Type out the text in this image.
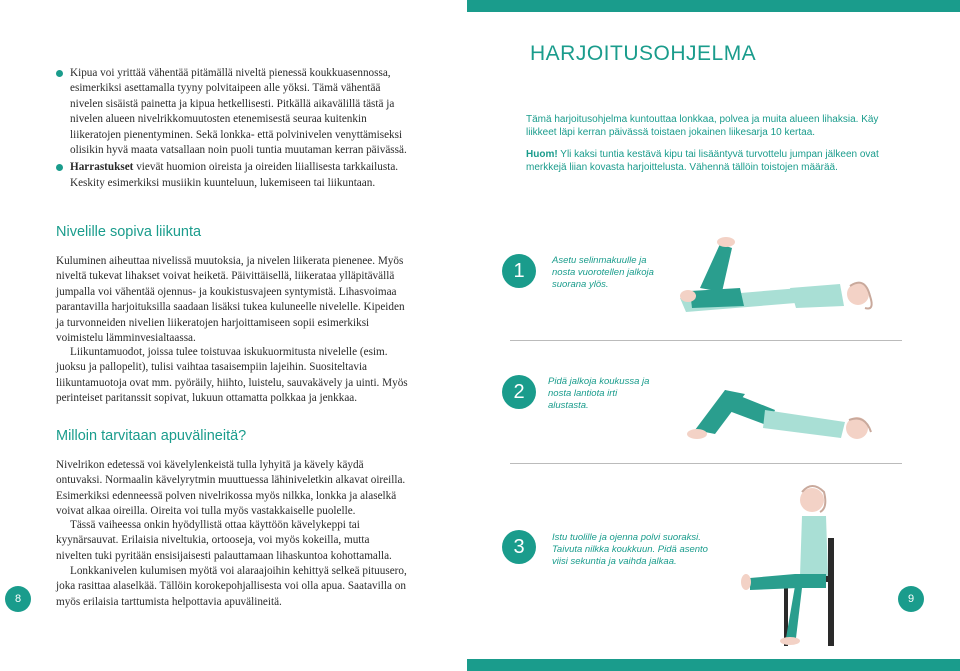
Kipua voi yrittää vähentää pitämällä niveltä pienessä koukkuasennossa, esimerkiksi asettamalla tyyny polvitaipeen alle yöksi. Tämä vähentää nivelen sisäistä painetta ja kipua hetkellisesti. Pitkällä aikavälillä tästä ja nivelen alueen nivelrikkomuutosten etenemisestä seuraa kuitenkin liikeratojen pienentyminen. Sekä lonkka- että polvinivelen venyttämiseksi olisikin hyvä maata vatsallaan noin puoli tuntia muutaman kerran päivässä.
Harrastukset vievät huomion oireista ja oireiden liiallisesta tarkkailusta. Keskity esimerkiksi musiikin kuunteluun, lukemiseen tai liikuntaan.
Nivelille sopiva liikunta

Kuluminen aiheuttaa nivelissä muutoksia, ja nivelen liikerata pienenee. Myös niveltä tukevat lihakset voivat heiketä. Päivittäisellä, liikerataa ylläpitävällä jumpalla voi vähentää ojennus- ja koukistusvajeen syntymistä. Lihasvoimaa parantavilla harjoituksilla saadaan lisäksi tukea kuluneelle nivelelle. Kipeiden ja turvonneiden nivelien liikeratojen harjoittamiseen sopii esimerkiksi voimistelu lämminvesialtaassa.

Liikuntamuodot, joissa tulee toistuvaa iskukuormitusta nivelelle (esim. juoksu ja pallopelit), tulisi vaihtaa tasaisempiin lajeihin. Suositeltavia liikuntamuotoja ovat mm. pyöräily, hiihto, luistelu, sauvakävely ja uinti. Myös perinteiset paritanssit sopivat, lukuun ottamatta polkkaa ja jenkkaa.

Milloin tarvitaan apuvälineitä?

Nivelrikon edetessä voi kävelylenkeistä tulla lyhyitä ja kävely käydä ontuvaksi. Normaalin kävelyrytmin muuttuessa lähiniveletkin alkavat oireilla. Esimerkiksi edenneessä polven nivelrikossa myös nilkka, lonkka ja alaselkä voivat alkaa oireilla. Oireita voi tulla myös vastakkaiselle puolelle.

Tässä vaiheessa onkin hyödyllistä ottaa käyttöön kävelykeppi tai kyynärsauvat. Erilaisia niveltukia, ortooseja, voi myös kokeilla, mutta nivelten tuki pyritään ensisijaisesti palauttamaan lihaskuntoa kohottamalla.

Lonkkanivelen kulumisen myötä voi alaraajoihin kehittyä selkeä pituusero, joka rasittaa alaselkää. Tällöin korokepohjallisesta voi olla apua. Saatavilla on myös erilaisia tarttumista helpottavia apuvälineitä.

8
HARJOITUSOHJELMA

Tämä harjoitusohjelma kuntouttaa lonkkaa, polvea ja muita alueen lihaksia. Käy liikkeet läpi kerran päivässä toistaen jokainen liikesarja 10 kertaa.

Huom! Yli kaksi tuntia kestävä kipu tai lisääntyvä turvottelu jumpan jälkeen ovat merkkejä liian kovasta harjoittelusta. Vähennä tällöin toistojen määrää.

1	Asetu selinmakuulle ja nosta vuorotellen jalkoja suorana ylös.

2	Pidä jalkoja koukussa ja nosta lantiota irti alustasta.

3	Istu tuolille ja ojenna polvi suoraksi. Taivuta nilkka koukkuun. Pidä asento viisi sekuntia ja vaihda jalkaa.

9
